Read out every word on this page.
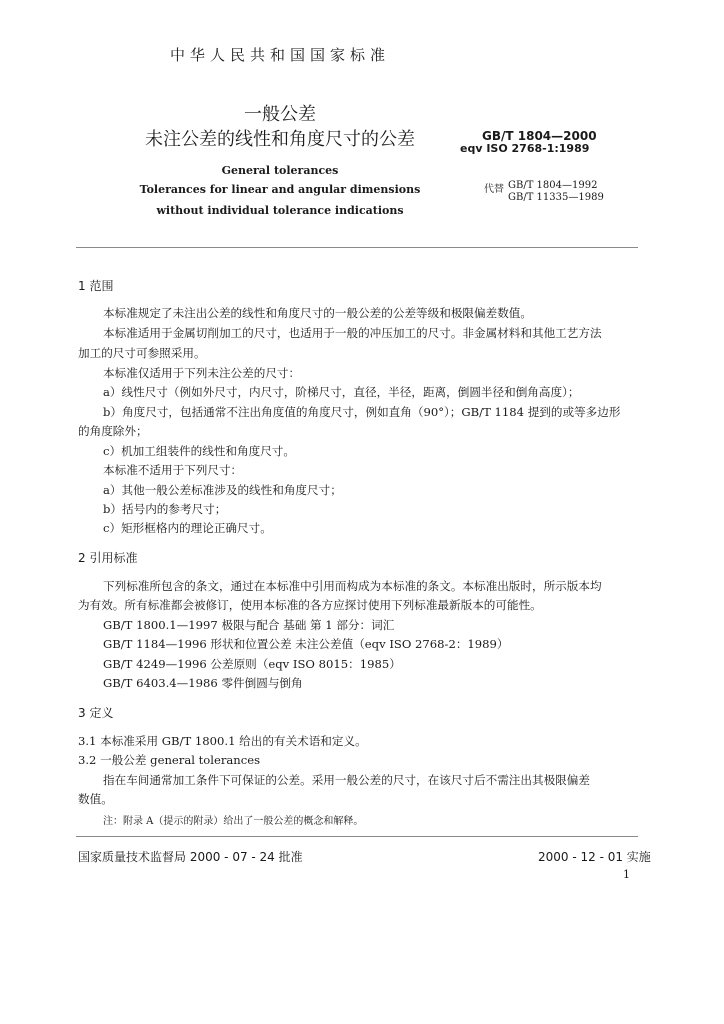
中华人民共和国国家标准
一般公差
未注公差的线性和角度尺寸的公差	GB/T 1804—2000
eqv ISO 2768-1:1989
General tolerances
Tolerances for linear and angular dimensions
without individual tolerance indications
代替 GB/T 1804—1992
GB/T 11335—1989
1 范围
本标准规定了未注出公差的线性和角度尺寸的一般公差的公差等级和极限偏差数值。
本标准适用于金属切削加工的尺寸，也适用于一般的冲压加工的尺寸。非金属材料和其他工艺方法
加工的尺寸可参照采用。
本标准仅适用于下列未注公差的尺寸：
a）线性尺寸（例如外尺寸，内尺寸，阶梯尺寸，直径，半径，距离，倒圆半径和倒角高度）；
b）角度尺寸，包括通常不注出角度值的角度尺寸，例如直角（90°）；GB/T 1184 提到的或等多边形
的角度除外；
c）机加工组装件的线性和角度尺寸。
本标准不适用于下列尺寸：
a）其他一般公差标准涉及的线性和角度尺寸；
b）括号内的参考尺寸；
c）矩形框格内的理论正确尺寸。
2 引用标准
下列标准所包含的条文，通过在本标准中引用而构成为本标准的条文。本标准出版时，所示版本均
为有效。所有标准都会被修订，使用本标准的各方应探讨使用下列标准最新版本的可能性。
GB/T 1800.1—1997 极限与配合 基础 第 1 部分：词汇
GB/T 1184—1996 形状和位置公差 未注公差值（eqv ISO 2768-2：1989）
GB/T 4249—1996 公差原则（eqv ISO 8015：1985）
GB/T 6403.4—1986 零件倒圆与倒角
3 定义
3.1 本标准采用 GB/T 1800.1 给出的有关术语和定义。
3.2 一般公差 general tolerances
指在车间通常加工条件下可保证的公差。采用一般公差的尺寸，在该尺寸后不需注出其极限偏差
数值。
注：附录 A（提示的附录）给出了一般公差的概念和解释。
国家质量技术监督局 2000 - 07 - 24 批准	2000 - 12 - 01 实施
1
